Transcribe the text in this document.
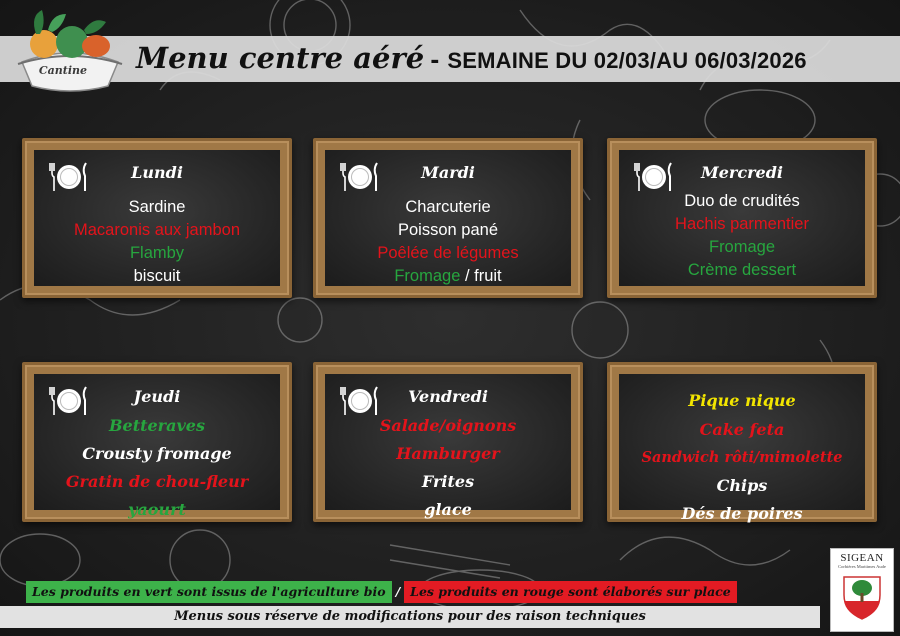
Cantine	Menu centre aéré - SEMAINE DU 02/03/AU 06/03/2026
Lundi
Sardine
Macaronis aux jambon
Flamby
biscuit
Mardi
Charcuterie
Poisson pané
Poêlée de légumes
Fromage / fruit
Mercredi
Duo de crudités
Hachis parmentier
Fromage
Crème dessert
Jeudi
Betteraves
Crousty fromage
Gratin de chou-fleur
yaourt
Vendredi
Salade/oignons
Hamburger
Frites
glace
Pique nique
Cake feta
Sandwich rôti/mimolette
Chips
Dés de poires
Les produits en vert sont issus de l'agriculture bio / Les produits en rouge sont élaborés sur place
Menus sous réserve de modifications pour des raison techniques
SIGEAN
Corbières Maritimes Aude
